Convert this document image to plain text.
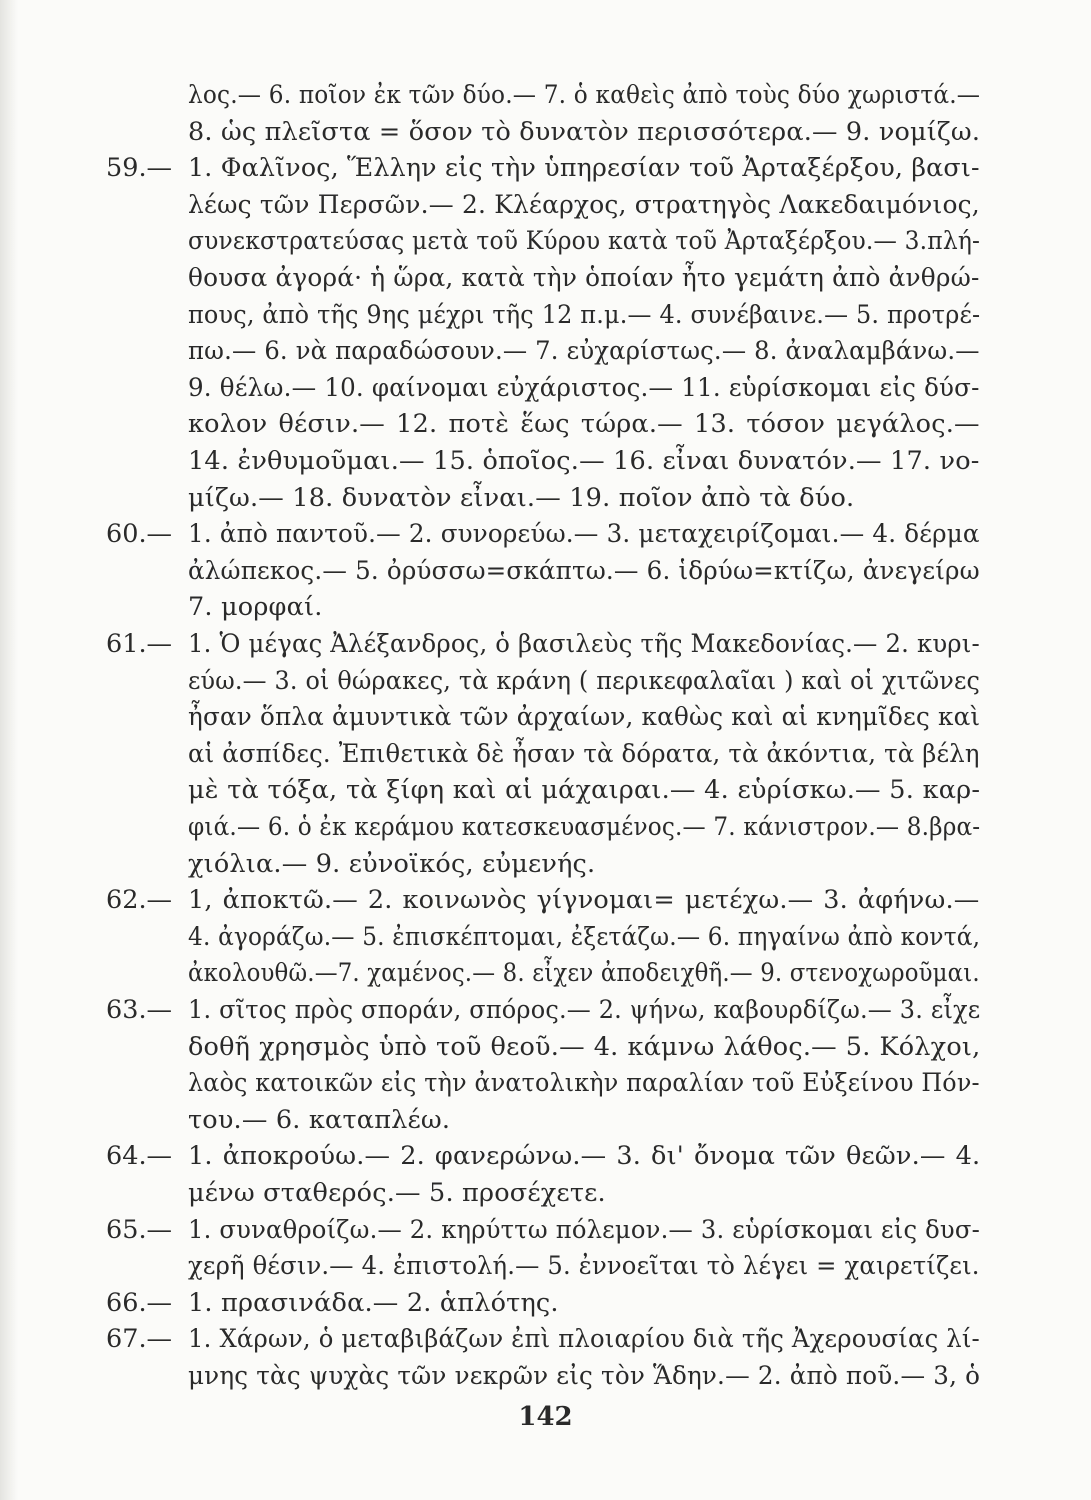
λος.— 6. ποῖον ἐκ τῶν δύο.— 7. ὁ καθεὶς ἀπὸ τοὺς δύο χωριστά.—
8. ὡς πλεῖστα = ὅσον τὸ δυνατὸν περισσότερα.— 9. νομίζω.
59.— 1. Φαλῖνος, Ἕλλην εἰς τὴν ὑπηρεσίαν τοῦ Ἀρταξέρξου, βασι-
λέως τῶν Περσῶν.— 2. Κλέαρχος, στρατηγὸς Λακεδαιμόνιος,
συνεκστρατεύσας μετὰ τοῦ Κύρου κατὰ τοῦ Ἀρταξέρξου.— 3.πλή-
θουσα ἀγορά· ἡ ὥρα, κατὰ τὴν ὁποίαν ἦτο γεμάτη ἀπὸ ἀνθρώ-
πους, ἀπὸ τῆς 9ης μέχρι τῆς 12 π.μ.— 4. συνέβαινε.— 5. προτρέ-
πω.— 6. νὰ παραδώσουν.— 7. εὐχαρίστως.— 8. ἀναλαμβάνω.—
9. θέλω.— 10. φαίνομαι εὐχάριστος.— 11. εὑρίσκομαι εἰς δύσ-
κολον θέσιν.— 12. ποτὲ ἕως τώρα.— 13. τόσον μεγάλος.—
14. ἐνθυμοῦμαι.— 15. ὁποῖος.— 16. εἶναι δυνατόν.— 17. νο-
μίζω.— 18. δυνατὸν εἶναι.— 19. ποῖον ἀπὸ τὰ δύο.
60.— 1. ἀπὸ παντοῦ.— 2. συνορεύω.— 3. μεταχειρίζομαι.— 4. δέρμα
ἀλώπεκος.— 5. ὀρύσσω=σκάπτω.— 6. ἱδρύω=κτίζω, ἀνεγείρω
7. μορφαί.
61.— 1. Ὁ μέγας Ἀλέξανδρος, ὁ βασιλεὺς τῆς Μακεδονίας.— 2. κυρι-
εύω.— 3. οἱ θώρακες, τὰ κράνη ( περικεφαλαῖαι ) καὶ οἱ χιτῶνες
ἦσαν ὅπλα ἀμυντικὰ τῶν ἀρχαίων, καθὼς καὶ αἱ κνημῖδες καὶ
αἱ ἀσπίδες. Ἐπιθετικὰ δὲ ἦσαν τὰ δόρατα, τὰ ἀκόντια, τὰ βέλη
μὲ τὰ τόξα, τὰ ξίφη καὶ αἱ μάχαιραι.— 4. εὑρίσκω.— 5. καρ-
φιά.— 6. ὁ ἐκ κεράμου κατεσκευασμένος.— 7. κάνιστρον.— 8.βρα-
χιόλια.— 9. εὐνοϊκός, εὐμενής.
62.— 1, ἀποκτῶ.— 2. κοινωνὸς γίγνομαι= μετέχω.— 3. ἀφήνω.—
4. ἀγοράζω.— 5. ἐπισκέπτομαι, ἐξετάζω.— 6. πηγαίνω ἀπὸ κοντά,
ἀκολουθῶ.—7. χαμένος.— 8. εἶχεν ἀποδειχθῆ.— 9. στενοχωροῦμαι.
63.— 1. σῖτος πρὸς σποράν, σπόρος.— 2. ψήνω, καβουρδίζω.— 3. εἶχε
δοθῆ χρησμὸς ὑπὸ τοῦ θεοῦ.— 4. κάμνω λάθος.— 5. Κόλχοι,
λαὸς κατοικῶν εἰς τὴν ἀνατολικὴν παραλίαν τοῦ Εὐξείνου Πόν-
του.— 6. καταπλέω.
64.— 1. ἀποκρούω.— 2. φανερώνω.— 3. δι' ὄνομα τῶν θεῶν.— 4.
μένω σταθερός.— 5. προσέχετε.
65.— 1. συναθροίζω.— 2. κηρύττω πόλεμον.— 3. εὑρίσκομαι εἰς δυσ-
χερῆ θέσιν.— 4. ἐπιστολή.— 5. ἐννοεῖται τὸ λέγει = χαιρετίζει.
66.— 1. πρασινάδα.— 2. ἁπλότης.
67.— 1. Χάρων, ὁ μεταβιβάζων ἐπὶ πλοιαρίου διὰ τῆς Ἀχερουσίας λί-
μνης τὰς ψυχὰς τῶν νεκρῶν εἰς τὸν Ἅδην.— 2. ἀπὸ ποῦ.— 3, ὁ
142
